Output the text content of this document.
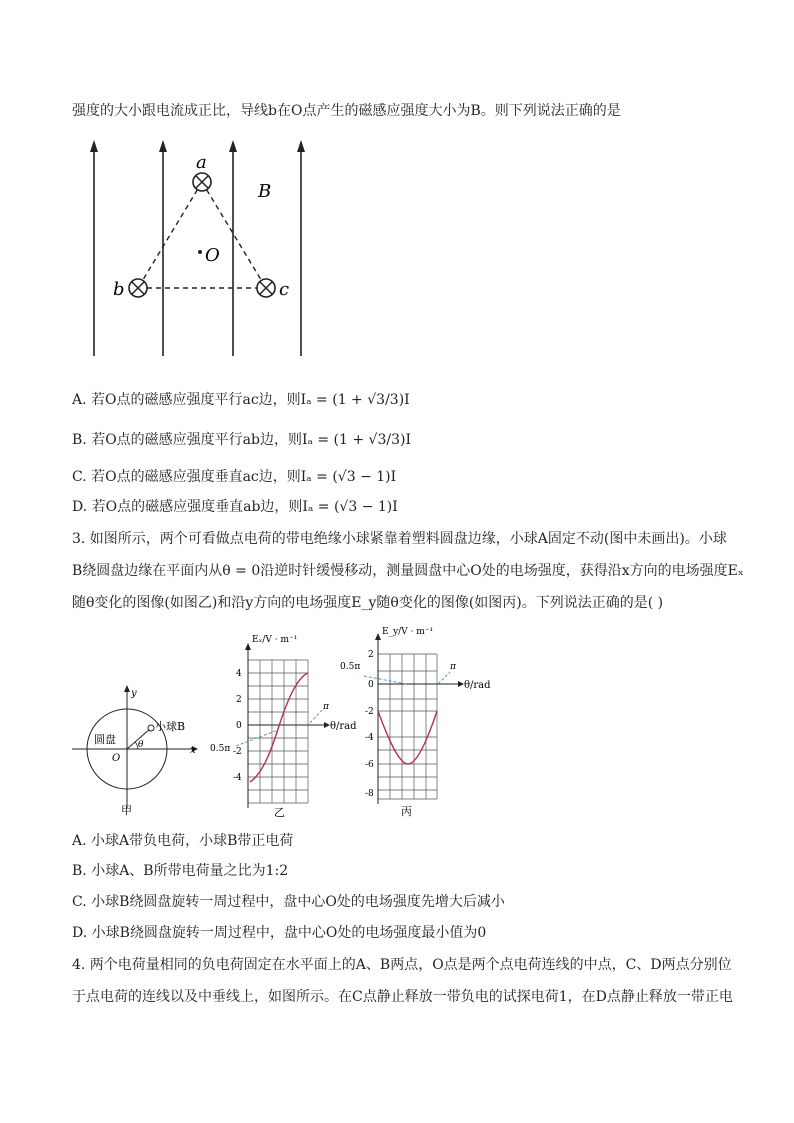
强度的大小跟电流成正比，导线b在O点产生的磁感应强度大小为B。则下列说法正确的是
a
b	c
O
B
A. 若O点的磁感应强度平行ac边，则Iₐ = (1 + √3/3)I
B. 若O点的磁感应强度平行ab边，则Iₐ = (1 + √3/3)I
C. 若O点的磁感应强度垂直ac边，则Iₐ = (√3 − 1)I
D. 若O点的磁感应强度垂直ab边，则Iₐ = (√3 − 1)I
3. 如图所示，两个可看做点电荷的带电绝缘小球紧靠着塑料圆盘边缘，小球A固定不动(图中未画出)。小球
B绕圆盘边缘在平面内从θ = 0沿逆时针缓慢移动，测量圆盘中心O处的电场强度，获得沿x方向的电场强度Eₓ
随θ变化的图像(如图乙)和沿y方向的电场强度E_y随θ变化的图像(如图丙)。下列说法正确的是( )
y
x
O
圆盘
小球B
θ
甲
Eₓ/V · m⁻¹
θ/rad
4
2
0
-2
-4
π
0.5π
乙
E_y/V · m⁻¹
θ/rad
2
0
-2
-4
-6
-8
π
0.5π
丙
A. 小球A带负电荷，小球B带正电荷
B. 小球A、B所带电荷量之比为1:2
C. 小球B绕圆盘旋转一周过程中，盘中心O处的电场强度先增大后减小
D. 小球B绕圆盘旋转一周过程中，盘中心O处的电场强度最小值为0
4. 两个电荷量相同的负电荷固定在水平面上的A、B两点，O点是两个点电荷连线的中点，C、D两点分别位
于点电荷的连线以及中垂线上，如图所示。在C点静止释放一带负电的试探电荷1，在D点静止释放一带正电
